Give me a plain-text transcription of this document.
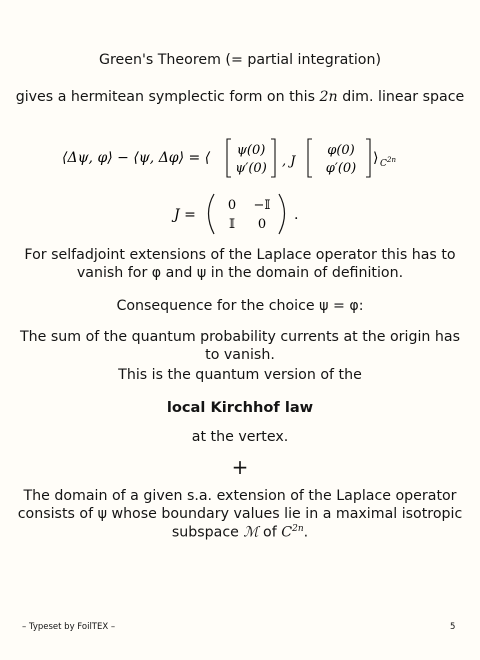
Green's Theorem (= partial integration)
gives a hermitean symplectic form on this 2n dim. linear space
⟨Δψ, φ⟩ − ⟨ψ, Δφ⟩ = ⟨ ψ(0)
ψ′(0) , J
φ(0)
φ′(0)
⟩ C 2n
J =
0 −𝕀
𝕀 0
.
For selfadjoint extensions of the Laplace operator this has to
vanish for φ and ψ in the domain of definition.
Consequence for the choice ψ = φ:
The sum of the quantum probability currents at the origin has
to vanish.
This is the quantum version of the
local Kirchhof law
at the vertex.
+
The domain of a given s.a. extension of the Laplace operator
consists of ψ whose boundary values lie in a maximal isotropic
subspace ℳ of $C^{2n}$.
– Typeset by FoilTEX –	5
